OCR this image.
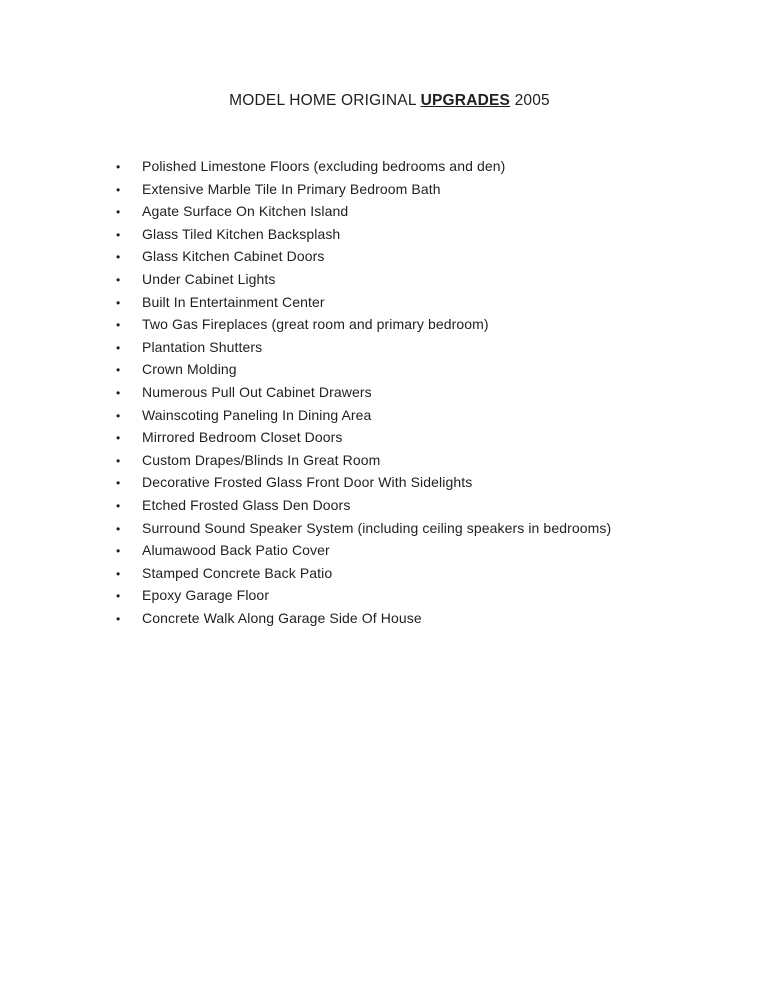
MODEL HOME ORIGINAL UPGRADES 2005
•	Polished Limestone Floors (excluding bedrooms and den)
•	Extensive Marble Tile In Primary Bedroom Bath
•	Agate Surface On Kitchen Island
•	Glass Tiled Kitchen Backsplash
•	Glass Kitchen Cabinet Doors
•	Under Cabinet Lights
•	Built In Entertainment Center
•	Two Gas Fireplaces (great room and primary bedroom)
•	Plantation Shutters
•	Crown Molding
•	Numerous Pull Out Cabinet Drawers
•	Wainscoting Paneling In Dining Area
•	Mirrored Bedroom Closet Doors
•	Custom Drapes/Blinds In Great Room
•	Decorative Frosted Glass Front Door With Sidelights
•	Etched Frosted Glass Den Doors
•	Surround Sound Speaker System (including ceiling speakers in bedrooms)
•	Alumawood Back Patio Cover
•	Stamped Concrete Back Patio
•	Epoxy Garage Floor
•	Concrete Walk Along Garage Side Of House
